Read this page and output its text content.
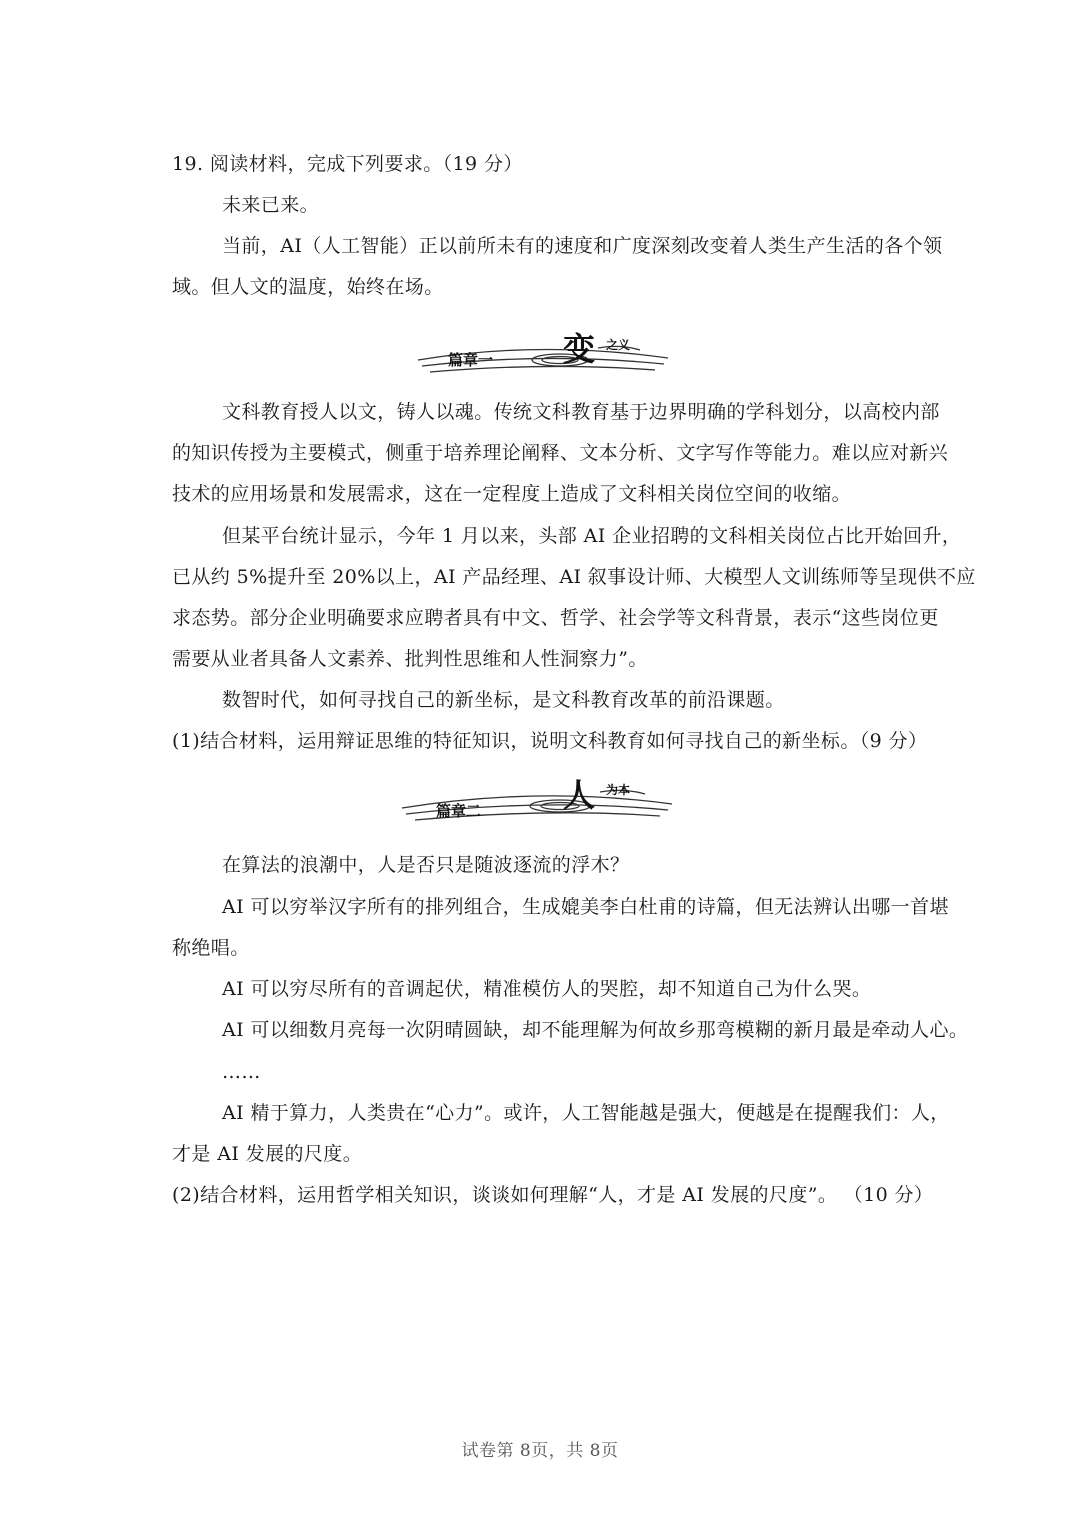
19. 阅读材料，完成下列要求。（19 分）
未来已来。
当前，AI（人工智能）正以前所未有的速度和广度深刻改变着人类生产生活的各个领
域。但人文的温度，始终在场。
篇章一 变 之义
文科教育授人以文，铸人以魂。传统文科教育基于边界明确的学科划分，以高校内部
的知识传授为主要模式，侧重于培养理论阐释、文本分析、文字写作等能力。难以应对新兴
技术的应用场景和发展需求，这在一定程度上造成了文科相关岗位空间的收缩。
但某平台统计显示，今年 1 月以来，头部 AI 企业招聘的文科相关岗位占比开始回升，
已从约 5%提升至 20%以上，AI 产品经理、AI 叙事设计师、大模型人文训练师等呈现供不应
求态势。部分企业明确要求应聘者具有中文、哲学、社会学等文科背景，表示“这些岗位更
需要从业者具备人文素养、批判性思维和人性洞察力”。
数智时代，如何寻找自己的新坐标，是文科教育改革的前沿课题。
(1)结合材料，运用辩证思维的特征知识，说明文科教育如何寻找自己的新坐标。（9 分）
篇章二	人 为本
在算法的浪潮中，人是否只是随波逐流的浮木？
AI 可以穷举汉字所有的排列组合，生成媲美李白杜甫的诗篇，但无法辨认出哪一首堪
称绝唱。
AI 可以穷尽所有的音调起伏，精准模仿人的哭腔，却不知道自己为什么哭。
AI 可以细数月亮每一次阴晴圆缺，却不能理解为何故乡那弯模糊的新月最是牵动人心。
……
AI 精于算力，人类贵在“心力”。或许，人工智能越是强大，便越是在提醒我们：人，
才是 AI 发展的尺度。
(2)结合材料，运用哲学相关知识，谈谈如何理解“人，才是 AI 发展的尺度”。 （10 分）
试卷第 8页，共 8页
